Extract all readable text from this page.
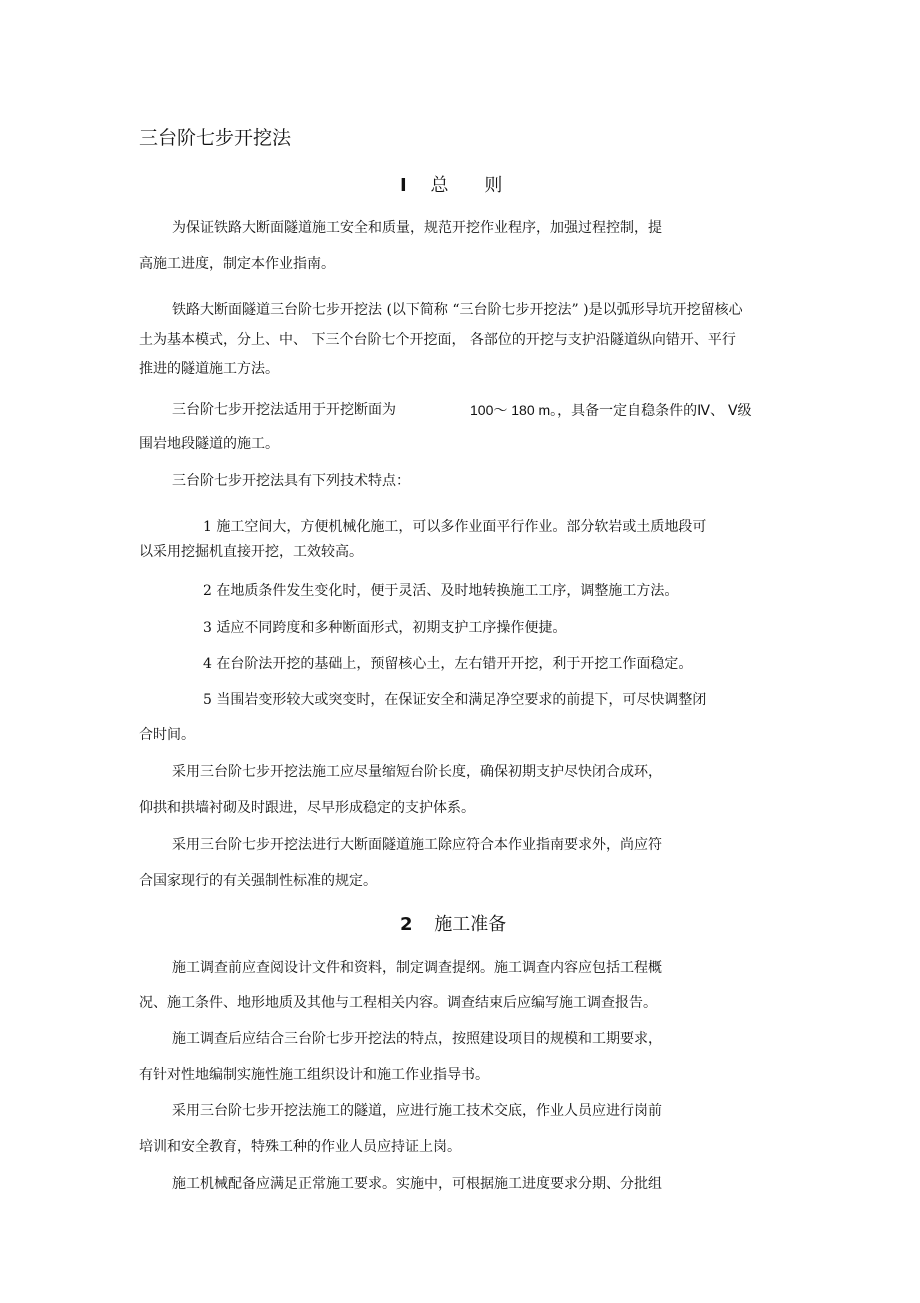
三台阶七步开挖法
I 总　　则
为保证铁路大断面隧道施工安全和质量，规范开挖作业程序，加强过程控制，提
高施工进度，制定本作业指南。
铁路大断面隧道三台阶七步开挖法 (以下简称 “三台阶七步开挖法” )是以弧形导坑开挖留核心
土为基本模式，分上、中、 下三个台阶七个开挖面， 各部位的开挖与支护沿隧道纵向错开、平行
推进的隧道施工方法。
三台阶七步开挖法适用于开挖断面为	100～ 180 m。，具备一定自稳条件的Ⅳ、 Ⅴ级
围岩地段隧道的施工。
三台阶七步开挖法具有下列技术特点：
1 施工空间大，方便机械化施工，可以多作业面平行作业。部分软岩或土质地段可
以采用挖掘机直接开挖，工效较高。
2 在地质条件发生变化时，便于灵活、及时地转换施工工序，调整施工方法。
3 适应不同跨度和多种断面形式，初期支护工序操作便捷。
4 在台阶法开挖的基础上，预留核心土，左右错开开挖，利于开挖工作面稳定。
5 当围岩变形较大或突变时，在保证安全和满足净空要求的前提下，可尽快调整闭
合时间。
采用三台阶七步开挖法施工应尽量缩短台阶长度，确保初期支护尽快闭合成环，
仰拱和拱墙衬砌及时跟进，尽早形成稳定的支护体系。
采用三台阶七步开挖法进行大断面隧道施工除应符合本作业指南要求外，尚应符
合国家现行的有关强制性标准的规定。
2 施工准备
施工调查前应查阅设计文件和资料，制定调查提纲。施工调查内容应包括工程概
况、施工条件、地形地质及其他与工程相关内容。调查结束后应编写施工调查报告。
施工调查后应结合三台阶七步开挖法的特点，按照建设项目的规模和工期要求，
有针对性地编制实施性施工组织设计和施工作业指导书。
采用三台阶七步开挖法施工的隧道，应进行施工技术交底，作业人员应进行岗前
培训和安全教育，特殊工种的作业人员应持证上岗。
施工机械配备应满足正常施工要求。实施中，可根据施工进度要求分期、分批组
